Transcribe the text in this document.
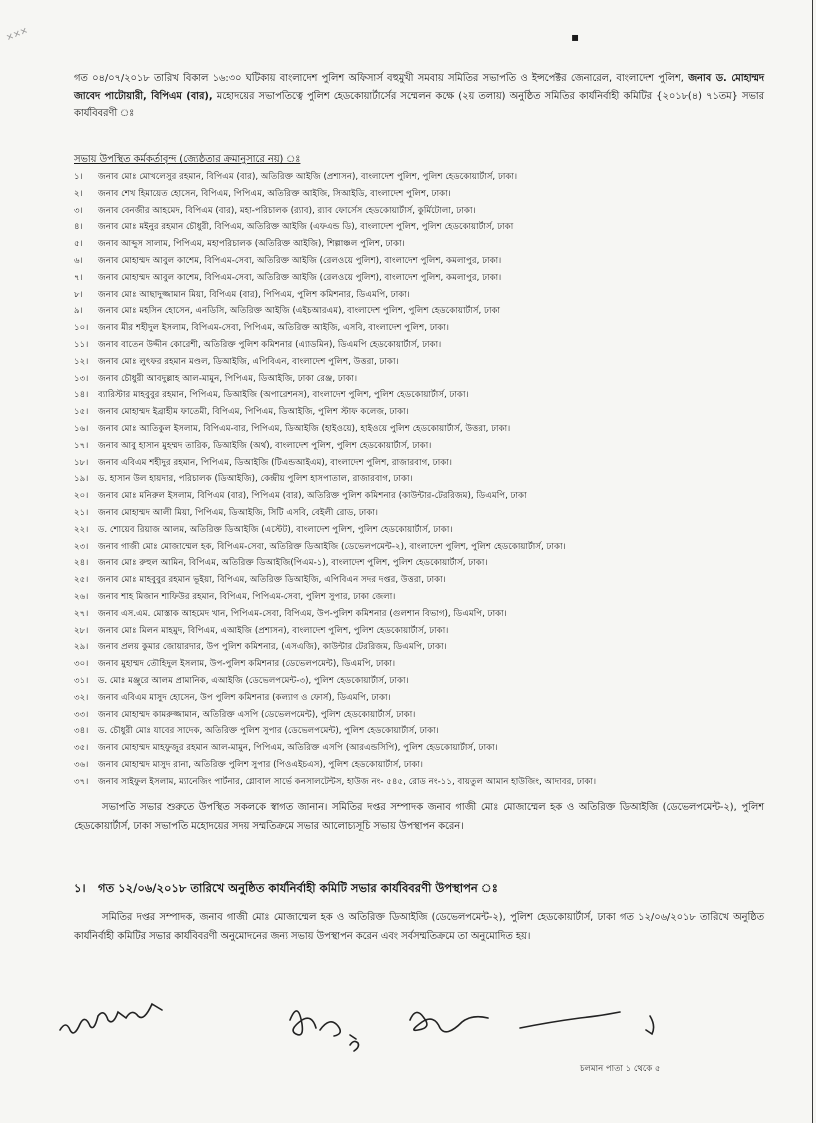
✕✕✕	▪
গত ০৪/০৭/২০১৮ তারিখ বিকাল ১৬:৩০ ঘটিকায় বাংলাদেশ পুলিশ অফিসার্স বহুমুখী সমবায় সমিতির সভাপতি ও ইন্সপেক্টর জেনারেল, বাংলাদেশ পুলিশ, জনাব ড. মোহাম্মদ জাবেদ পাটোয়ারী, বিপিএম (বার), মহোদয়ের সভাপতিত্বে পুলিশ হেডকোয়ার্টার্সের সম্মেলন কক্ষে (২য় তলায়) অনুষ্ঠিত সমিতির কার্যনির্বাহী কমিটির {২০১৮(৪) ৭১তম} সভার কার্যবিবরণী ঃ
সভায় উপস্থিত কর্মকর্তাবৃন্দ (জ্যেষ্ঠতার ক্রমানুসারে নয়) ঃ
১।	জনাব মোঃ মোখলেসুর রহমান, বিপিএম (বার), অতিরিক্ত আইজি (প্রশাসন), বাংলাদেশ পুলিশ, পুলিশ হেডকোয়ার্টার্স, ঢাকা।
২।	জনাব শেখ হিমায়েত হোসেন, বিপিএম, পিপিএম, অতিরিক্ত আইজি, সিআইডি, বাংলাদেশ পুলিশ, ঢাকা।
৩।	জনাব বেনজীর আহমেদ, বিপিএম (বার), মহা-পরিচালক (র‌্যাব), র‌্যাব ফোর্সেস হেডকোয়ার্টার্স, কুর্মিটোলা, ঢাকা।
৪।	জনাব মোঃ মইনুর রহমান চৌধুরী, বিপিএম, অতিরিক্ত আইজি (এফএন্ড ডি), বাংলাদেশ পুলিশ, পুলিশ হেডকোয়ার্টার্স, ঢাকা
৫।	জনাব আব্দুস সালাম, পিপিএম, মহাপরিচালক (অতিরিক্ত আইজি), শিল্পাঞ্চল পুলিশ, ঢাকা।
৬।	জনাব মোহাম্মদ আবুল কাশেম, বিপিএম-সেবা, অতিরিক্ত আইজি (রেলওয়ে পুলিশ), বাংলাদেশ পুলিশ, কমলাপুর, ঢাকা।
৭।	জনাব মোহাম্মদ আবুল কাশেম, বিপিএম-সেবা, অতিরিক্ত আইজি (রেলওয়ে পুলিশ), বাংলাদেশ পুলিশ, কমলাপুর, ঢাকা।
৮।	জনাব মোঃ আছাদুজ্জামান মিয়া, বিপিএম (বার), পিপিএম, পুলিশ কমিশনার, ডিএমপি, ঢাকা।
৯।	জনাব মোঃ মহসিন হোসেন, এনডিসি, অতিরিক্ত আইজি (এইচআরএম), বাংলাদেশ পুলিশ, পুলিশ হেডকোয়ার্টার্স, ঢাকা
১০।	জনাব মীর শহীদুল ইসলাম, বিপিএম-সেবা, পিপিএম, অতিরিক্ত আইজি, এসবি, বাংলাদেশ পুলিশ, ঢাকা।
১১।	জনাব বাতেন উদ্দীন কোরেশী, অতিরিক্ত পুলিশ কমিশনার (এ্যাডমিন), ডিএমপি হেডকোয়ার্টার্স, ঢাকা।
১২।	জনাব মোঃ লুৎফর রহমান মণ্ডল, ডিআইজি, এপিবিএন, বাংলাদেশ পুলিশ, উত্তরা, ঢাকা।
১৩।	জনাব চৌধুরী আবদুল্লাহ আল-মামুন, পিপিএম, ডিআইজি, ঢাকা রেঞ্জ, ঢাকা।
১৪।	ব্যারিস্টার মাহবুবুর রহমান, পিপিএম, ডিআইজি (অপারেশনস), বাংলাদেশ পুলিশ, পুলিশ হেডকোয়ার্টার্স, ঢাকা।
১৫।	জনাব মোহাম্মদ ইব্রাহীম ফাতেমী, বিপিএম, পিপিএম, ডিআইজি, পুলিশ স্টাফ কলেজ, ঢাকা।
১৬।	জনাব মোঃ আতিকুল ইসলাম, বিপিএম-বার, পিপিএম, ডিআইজি (হাইওয়ে), হাইওয়ে পুলিশ হেডকোয়ার্টার্স, উত্তরা, ঢাকা।
১৭।	জনাব আবু হাসান মুহম্মদ তারিক, ডিআইজি (অর্থ), বাংলাদেশ পুলিশ, পুলিশ হেডকোয়ার্টার্স, ঢাকা।
১৮।	জনাব এবিএম শহীদুর রহমান, পিপিএম, ডিআইজি (টিএন্ডআইএম), বাংলাদেশ পুলিশ, রাজারবাগ, ঢাকা।
১৯।	ড. হাসান উল হায়দার, পরিচালক (ডিআইজি), কেন্দ্রীয় পুলিশ হাসপাতাল, রাজারবাগ, ঢাকা।
২০।	জনাব মোঃ মনিরুল ইসলাম, বিপিএম (বার), পিপিএম (বার), অতিরিক্ত পুলিশ কমিশনার (কাউন্টার-টেররিজম), ডিএমপি, ঢাকা
২১।	জনাব মোহাম্মদ আলী মিয়া, পিপিএম, ডিআইজি, সিটি এসবি, বেইলী রোড, ঢাকা।
২২।	ড. শোয়েব রিয়াজ আলম, অতিরিক্ত ডিআইজি (এস্টেট), বাংলাদেশ পুলিশ, পুলিশ হেডকোয়ার্টার্স, ঢাকা।
২৩।	জনাব গাজী মোঃ মোজাম্মেল হক, বিপিএম-সেবা, অতিরিক্ত ডিআইজি (ডেভেলপমেন্ট-২), বাংলাদেশ পুলিশ, পুলিশ হেডকোয়ার্টার্স, ঢাকা।
২৪।	জনাব মোঃ রুহুল আমিন, বিপিএম, অতিরিক্ত ডিআইজি(পিএম-১), বাংলাদেশ পুলিশ, পুলিশ হেডকোয়ার্টার্স, ঢাকা।
২৫।	জনাব মোঃ মাহবুবুর রহমান ভূইয়া, বিপিএম, অতিরিক্ত ডিআইজি, এপিবিএন সদর দপ্তর, উত্তরা, ঢাকা।
২৬।	জনাব শাহ মিজান শাফিউর রহমান, বিপিএম, পিপিএম-সেবা, পুলিশ সুপার, ঢাকা জেলা।
২৭।	জনাব এস.এম. মোস্তাক আহমেদ খান, পিপিএম-সেবা, বিপিএম, উপ-পুলিশ কমিশনার (গুলশান বিভাগ), ডিএমপি, ঢাকা।
২৮।	জনাব মোঃ মিলন মাহমুদ, বিপিএম, এআইজি (প্রশাসন), বাংলাদেশ পুলিশ, পুলিশ হেডকোয়ার্টার্স, ঢাকা।
২৯।	জনাব প্রলয় কুমার জোয়ারদার, উপ পুলিশ কমিশনার, (এসএজি), কাউন্টার টেররিজম, ডিএমপি, ঢাকা।
৩০।	জনাব মুহাম্মদ তৌহিদুল ইসলাম, উপ-পুলিশ কমিশনার (ডেভেলপমেন্ট), ডিএমপি, ঢাকা।
৩১।	ড. মোঃ মঞ্জুরে আলম প্রামানিক, এআইজি (ডেভেলপমেন্ট-৩), পুলিশ হেডকোয়ার্টার্স, ঢাকা।
৩২।	জনাব এবিএম মাসুদ হোসেন, উপ পুলিশ কমিশনার (কল্যাণ ও ফোর্স), ডিএমপি, ঢাকা।
৩৩।	জনাব মোহাম্মদ কামরুজ্জামান, অতিরিক্ত এসপি (ডেভেলপমেন্ট), পুলিশ হেডকোয়ার্টার্স, ঢাকা।
৩৪।	ড. চৌধুরী মোঃ যাবের সাদেক, অতিরিক্ত পুলিশ সুপার (ডেভেলপমেন্ট), পুলিশ হেডকোয়ার্টার্স, ঢাকা।
৩৫।	জনাব মোহাম্মদ মাহফুজুর রহমান আল-মামুন, পিপিএম, অতিরিক্ত এসপি (আরএন্ডসিপি), পুলিশ হেডকোয়ার্টার্স, ঢাকা।
৩৬।	জনাব মোহাম্মদ মাসুদ রানা, অতিরিক্ত পুলিশ সুপার (পিওএইচএস), পুলিশ হেডকোয়ার্টার্স, ঢাকা।
৩৭।	জনাব সাইফুল ইসলাম, ম্যানেজিং পার্টনার, গ্লোবাল সার্ভে কনসালটেন্টস, হাউজ নং- ৫৪৫, রোড নং-১১, বায়তুল আমান হাউজিং, আদাবর, ঢাকা।
সভাপতি সভার শুরুতে উপস্থিত সকলকে স্বাগত জানান। সমিতির দপ্তর সম্পাদক জনাব গাজী মোঃ মোজাম্মেল হক ও অতিরিক্ত ডিআইজি (ডেভেলপমেন্ট-২), পুলিশ হেডকোয়ার্টার্স, ঢাকা সভাপতি মহোদয়ের সদয় সম্মতিক্রমে সভার আলোচ্যসূচি সভায় উপস্থাপন করেন।
১। গত ১২/০৬/২০১৮ তারিখে অনুষ্ঠিত কার্যনির্বাহী কমিটি সভার কার্যবিবরণী উপস্থাপন ঃ
সমিতির দপ্তর সম্পাদক, জনাব গাজী মোঃ মোজাম্মেল হক ও অতিরিক্ত ডিআইজি (ডেভেলপমেন্ট-২), পুলিশ হেডকোয়ার্টার্স, ঢাকা গত ১২/০৬/২০১৮ তারিখে অনুষ্ঠিত কার্যনির্বাহী কমিটির সভার কার্যবিবরণী অনুমোদনের জন্য সভায় উপস্থাপন করেন এবং সর্বসম্মতিক্রমে তা অনুমোদিত হয়।
চলমান পাতা ১ থেকে ৫
